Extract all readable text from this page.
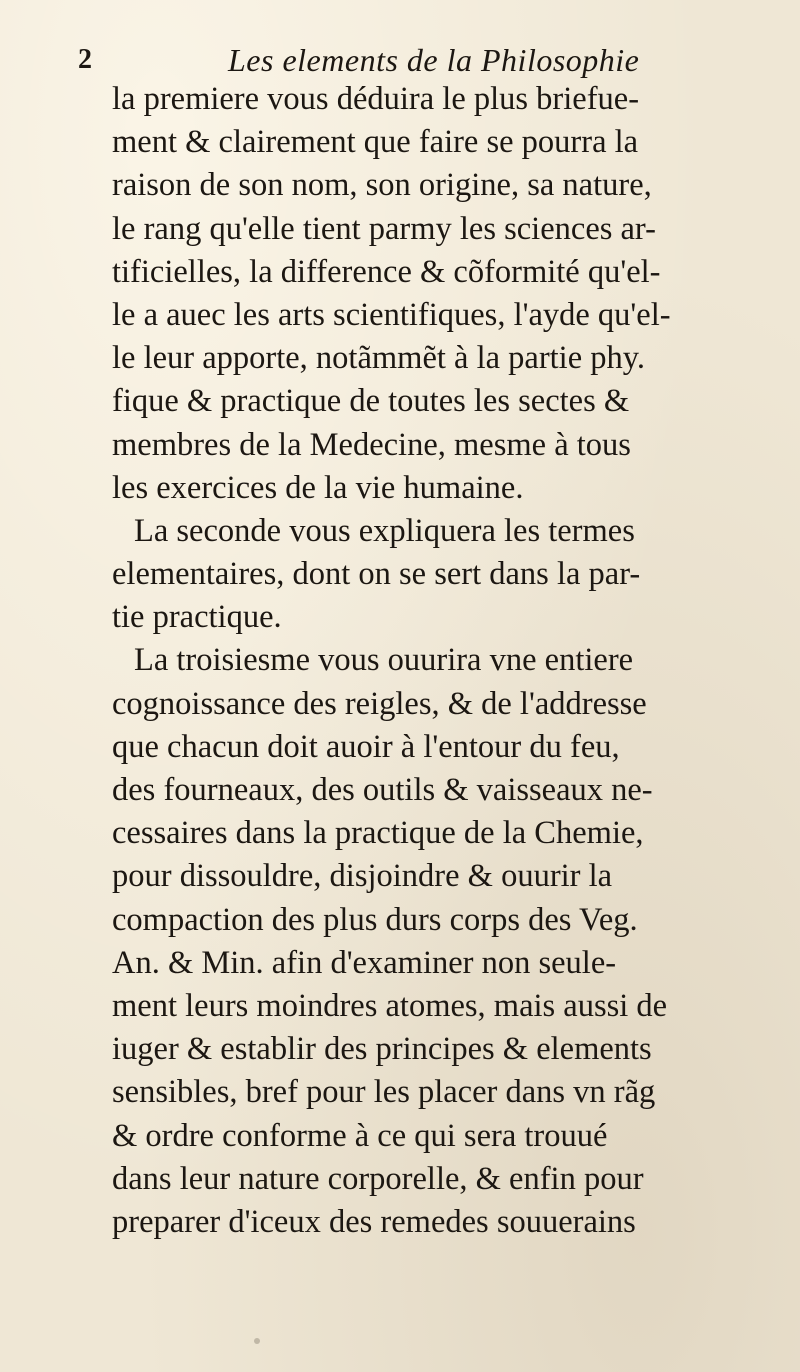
2	Les elements de la Philosophie
la premiere vous déduira le plus briefue-
ment & clairement que faire se pourra la
raison de son nom, son origine, sa nature,
le rang qu'elle tient parmy les sciences ar-
tificielles, la difference & cõformité qu'el-
le a auec les arts scientifiques, l'ayde qu'el-
le leur apporte, notãmmẽt à la partie phy.
fique & practique de toutes les sectes &
membres de la Medecine, mesme à tous
les exercices de la vie humaine.
La seconde vous expliquera les termes
elementaires, dont on se sert dans la par-
tie practique.
La troisiesme vous ouurira vne entiere
cognoissance des reigles, & de l'addresse
que chacun doit auoir à l'entour du feu,
des fourneaux, des outils & vaisseaux ne-
cessaires dans la practique de la Chemie,
pour dissouldre, disjoindre & ouurir la
compaction des plus durs corps des Veg.
An. & Min. afin d'examiner non seule-
ment leurs moindres atomes, mais aussi de
iuger & establir des principes & elements
sensibles, bref pour les placer dans vn rãg
& ordre conforme à ce qui sera trouué
dans leur nature corporelle, & enfin pour
preparer d'iceux des remedes souuerains
